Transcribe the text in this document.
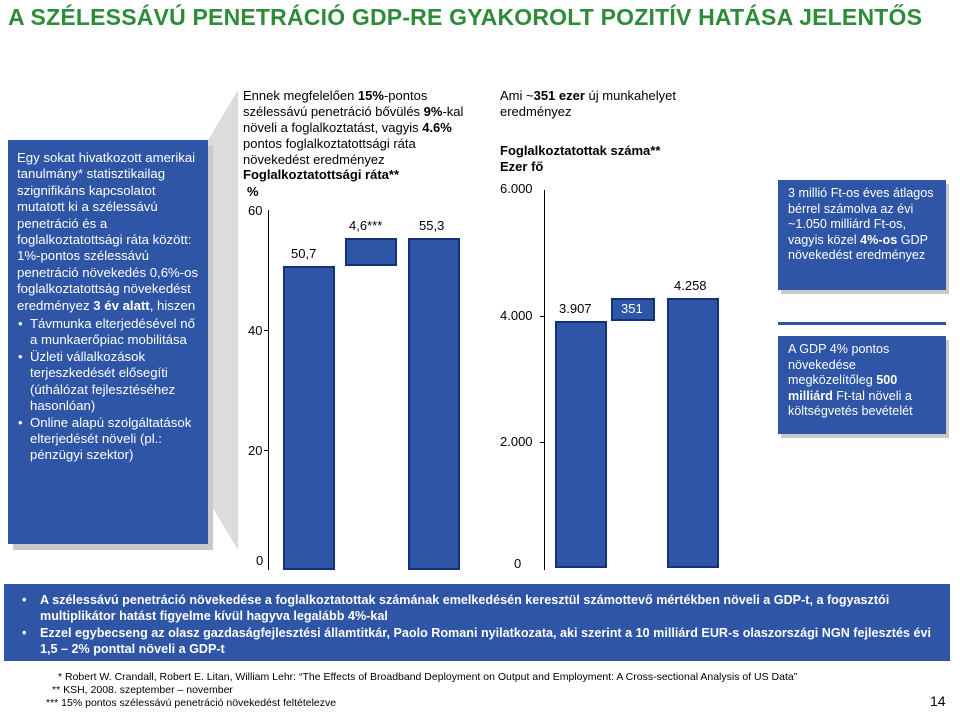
A SZÉLESSÁVÚ PENETRÁCIÓ GDP-RE GYAKOROLT POZITÍV HATÁSA JELENTŐS
Egy sokat hivatkozott amerikai tanulmány* statisztikailag szignifikáns kapcsolatot mutatott ki a szélessávú penetráció és a foglalkoztatottsági ráta között: 1%-pontos szélessávú penetráció növekedés 0,6%-os foglalkoztatottság növekedést eredményez 3 év alatt, hiszen
• Távmunka elterjedésével nő a munkaerőpiac mobilitása
• Üzleti vállalkozások terjeszkedését elősegíti (úthálózat fejlesztéséhez hasonlóan)
• Online alapú szolgáltatások elterjedését növeli (pl.: pénzügyi szektor)
Ennek megfelelően 15%-pontos szélessávú penetráció bővülés 9%-kal növeli a foglalkoztatást, vagyis 4.6% pontos foglalkoztatottsági ráta növekedést eredményez
Foglalkoztatottsági ráta**
%
60
40
20
0
50,7
4,6***	55,3
Ami ~351 ezer új munkahelyet eredményez
Foglalkoztatottak száma**
Ezer fő
6.000
4.000
2.000
0
3.907 351
4.258
3 millió Ft-os éves átlagos bérrel számolva az évi ~1.050 milliárd Ft-os, vagyis közel 4%-os GDP növekedést eredményez
A GDP 4% pontos növekedése megközelítőleg 500 milliárd Ft-tal növeli a költségvetés bevételét
• A szélessávú penetráció növekedése a foglalkoztatottak számának emelkedésén keresztül számottevő mértékben növeli a GDP-t, a fogyasztói multiplikátor hatást figyelme kívül hagyva legalább 4%-kal
• Ezzel egybecseng az olasz gazdaságfejlesztési államtitkár, Paolo Romani nyilatkozata, aki szerint a 10 milliárd EUR-s olaszországi NGN fejlesztés évi 1,5 – 2% ponttal növeli a GDP-t
* Robert W. Crandall, Robert E. Litan, William Lehr: “The Effects of Broadband Deployment on Output and Employment: A Cross-sectional Analysis of US Data”
** KSH, 2008. szeptember – november
*** 15% pontos szélessávú penetráció növekedést feltételezve	14
